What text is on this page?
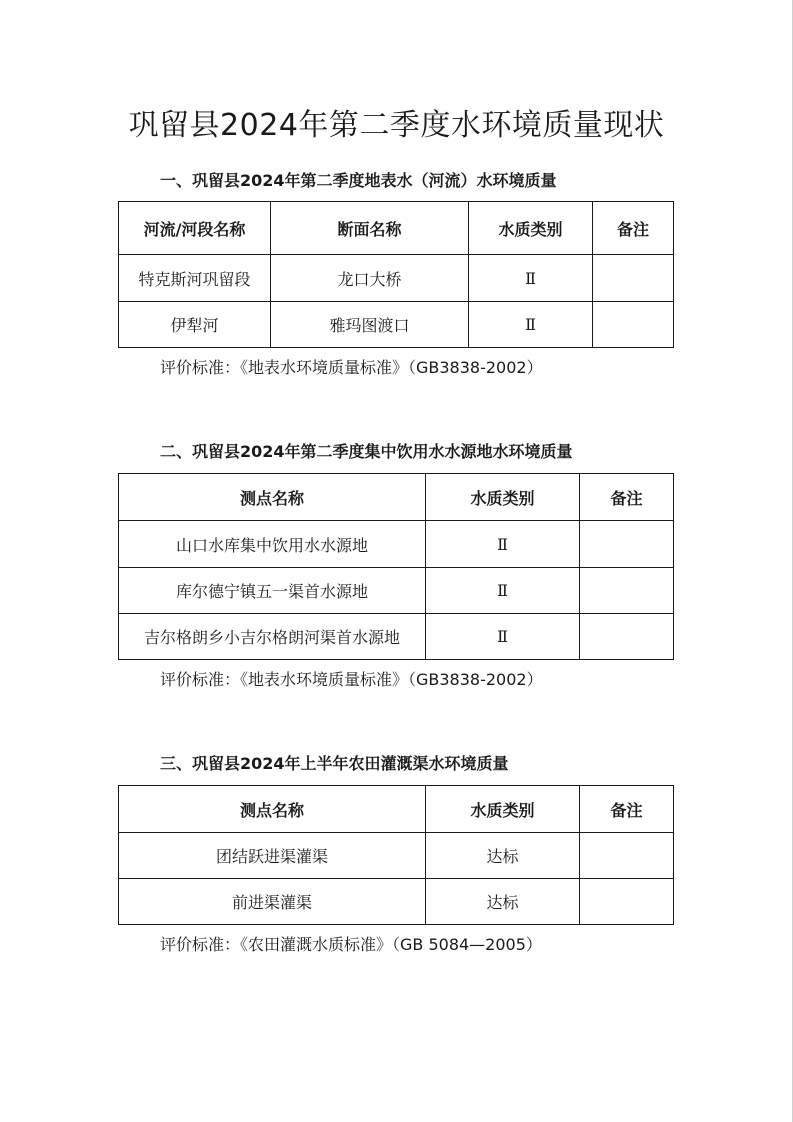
巩留县2024年第二季度水环境质量现状
一、巩留县2024年第二季度地表水（河流）水环境质量
河流/河段名称	断面名称	水质类别	备注
特克斯河巩留段	龙口大桥	Ⅱ	
伊犁河	雅玛图渡口	Ⅱ	
评价标准：《地表水环境质量标准》（GB3838-2002）
二、巩留县2024年第二季度集中饮用水水源地水环境质量
测点名称	水质类别	备注
山口水库集中饮用水水源地	Ⅱ	
库尔德宁镇五一渠首水源地	Ⅱ	
吉尔格朗乡小吉尔格朗河渠首水源地	Ⅱ	
评价标准：《地表水环境质量标准》（GB3838-2002）
三、巩留县2024年上半年农田灌溉渠水环境质量
测点名称	水质类别	备注
团结跃进渠灌渠	达标	
前进渠灌渠	达标	
评价标准：《农田灌溉水质标准》（GB 5084—2005）
